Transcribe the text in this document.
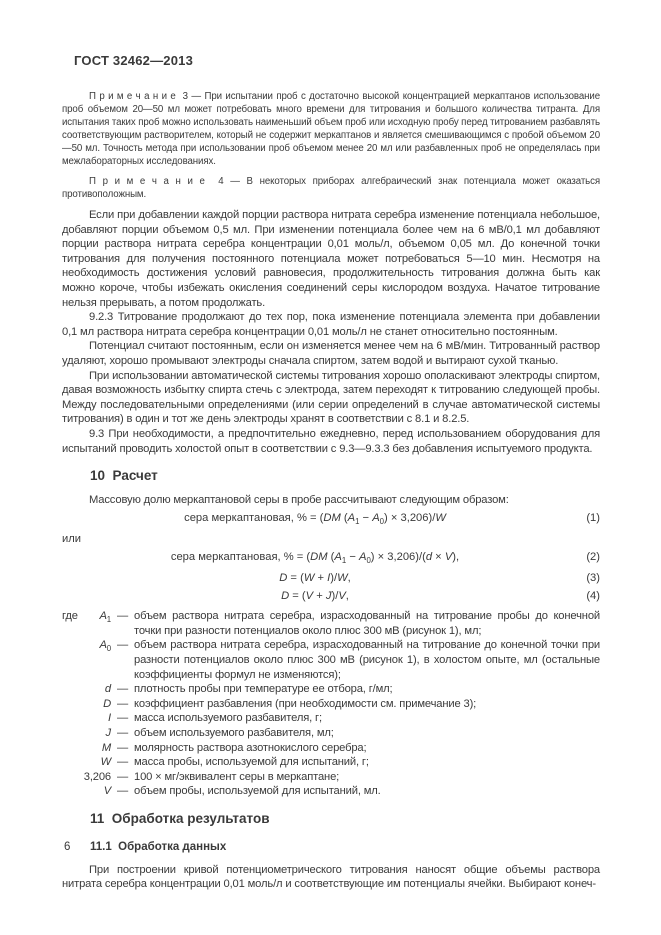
ГОСТ 32462—2013

П р и м е ч а н и е  3 — При испытании проб с достаточно высокой концентрацией меркаптанов использование проб объемом 20—50 мл может потребовать много времени для титрования и большого количества титранта. Для испытания таких проб можно использовать наименьший объем проб или исходную пробу перед титрованием разбавлять соответствующим растворителем, который не содержит меркаптанов и является смешивающимся с пробой объемом 20—50 мл. Точность метода при использовании проб объемом менее 20 мл или разбавленных проб не определялась при межлабораторных исследованиях.

П р и м е ч а н и е  4 — В некоторых приборах алгебраический знак потенциала может оказаться противоположным.

Если при добавлении каждой порции раствора нитрата серебра изменение потенциала небольшое, добавляют порции объемом 0,5 мл. При изменении потенциала более чем на 6 мВ/0,1 мл добавляют порции раствора нитрата серебра концентрации 0,01 моль/л, объемом 0,05 мл. До конечной точки титрования для получения постоянного потенциала может потребоваться 5—10 мин. Несмотря на необходимость достижения условий равновесия, продолжительность титрования должна быть как можно короче, чтобы избежать окисления соединений серы кислородом воздуха. Начатое титрование нельзя прерывать, а потом продолжать.

9.2.3 Титрование продолжают до тех пор, пока изменение потенциала элемента при добавлении 0,1 мл раствора нитрата серебра концентрации 0,01 моль/л не станет относительно постоянным.

Потенциал считают постоянным, если он изменяется менее чем на 6 мВ/мин. Титрованный раствор удаляют, хорошо промывают электроды сначала спиртом, затем водой и вытирают сухой тканью.

При использовании автоматической системы титрования хорошо ополаскивают электроды спиртом, давая возможность избытку спирта стечь с электрода, затем переходят к титрованию следующей пробы. Между последовательными определениями (или серии определений в случае автоматической системы титрования) в один и тот же день электроды хранят в соответствии с 8.1 и 8.2.5.

9.3 При необходимости, а предпочтительно ежедневно, перед использованием оборудования для испытаний проводить холостой опыт в соответствии с 9.3—9.3.3 без добавления испытуемого продукта.

10  Расчет

Массовую долю меркаптановой серы в пробе рассчитывают следующим образом:

сера меркаптановая, % = (DM $(A_1 - A_0) \times 3,206)/W$	(1)

или

сера меркаптановая, % = (DM $(A_1 - A_0) \times 3,206)/(d \times V)$,	(2)
D = (W + I)/W,	(3)
D = (V + J)/V,	(4)
где	$A_1$ — объем раствора нитрата серебра, израсходованный на титрование пробы до конечной точки при разности потенциалов около плюс 300 мВ (рисунок 1), мл;
$A_0$ — объем раствора нитрата серебра, израсходованный на титрование до конечной точки при разности потенциалов около плюс 300 мВ (рисунок 1), в холостом опыте, мл (остальные коэффициенты формул не изменяются);
d — плотность пробы при температуре ее отбора, г/мл;
D — коэффициент разбавления (при необходимости см. примечание 3);
I — масса используемого разбавителя, г;
J — объем используемого разбавителя, мл;
M — молярность раствора азотнокислого серебра;
W — масса пробы, используемой для испытаний, г;
3,206 — 100 × мг/эквивалент серы в меркаптане;
V — объем пробы, используемой для испытаний, мл.
11  Обработка результатов
11.1  Обработка данных

При построении кривой потенциометрического титрования наносят общие объемы раствора нитрата серебра концентрации 0,01 моль/л и соответствующие им потенциалы ячейки. Выбирают конеч-

6
